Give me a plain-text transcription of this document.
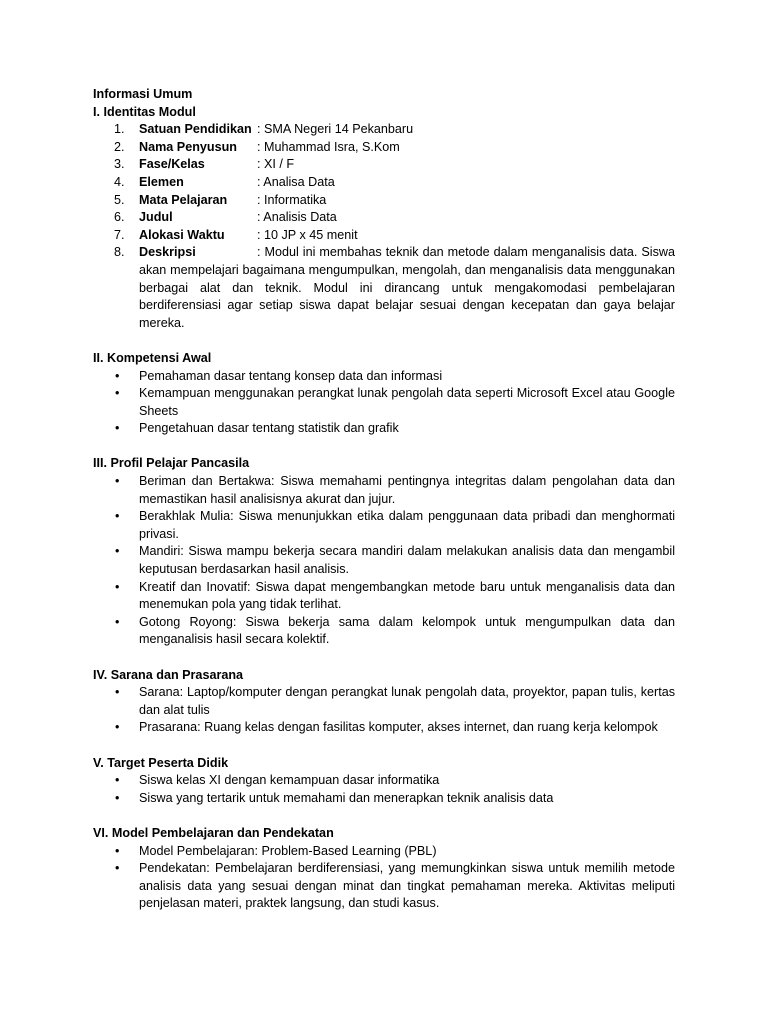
Informasi Umum
I. Identitas Modul
1.	Satuan Pendidikan : SMA Negeri 14 Pekanbaru
2.	Nama Penyusun	: Muhammad Isra, S.Kom
3.	Fase/Kelas	: XI / F
4.	Elemen	: Analisa Data
5.	Mata Pelajaran	: Informatika
6.	Judul	: Analisis Data
7.	Alokasi Waktu	: 10 JP x 45 menit
8.	Deskripsi	: Modul ini membahas teknik dan metode dalam menganalisis data. Siswa akan mempelajari bagaimana mengumpulkan, mengolah, dan menganalisis data menggunakan berbagai alat dan teknik. Modul ini dirancang untuk mengakomodasi pembelajaran berdiferensiasi agar setiap siswa dapat belajar sesuai dengan kecepatan dan gaya belajar mereka.
II. Kompetensi Awal
• Pemahaman dasar tentang konsep data dan informasi
• Kemampuan menggunakan perangkat lunak pengolah data seperti Microsoft Excel atau Google Sheets
• Pengetahuan dasar tentang statistik dan grafik
III. Profil Pelajar Pancasila
• Beriman dan Bertakwa: Siswa memahami pentingnya integritas dalam pengolahan data dan memastikan hasil analisisnya akurat dan jujur.
• Berakhlak Mulia: Siswa menunjukkan etika dalam penggunaan data pribadi dan menghormati privasi.
• Mandiri: Siswa mampu bekerja secara mandiri dalam melakukan analisis data dan mengambil keputusan berdasarkan hasil analisis.
• Kreatif dan Inovatif: Siswa dapat mengembangkan metode baru untuk menganalisis data dan menemukan pola yang tidak terlihat.
• Gotong Royong: Siswa bekerja sama dalam kelompok untuk mengumpulkan data dan menganalisis hasil secara kolektif.
IV. Sarana dan Prasarana
• Sarana: Laptop/komputer dengan perangkat lunak pengolah data, proyektor, papan tulis, kertas dan alat tulis
• Prasarana: Ruang kelas dengan fasilitas komputer, akses internet, dan ruang kerja kelompok
V. Target Peserta Didik
• Siswa kelas XI dengan kemampuan dasar informatika
• Siswa yang tertarik untuk memahami dan menerapkan teknik analisis data
VI. Model Pembelajaran dan Pendekatan
• Model Pembelajaran: Problem-Based Learning (PBL)
• Pendekatan: Pembelajaran berdiferensiasi, yang memungkinkan siswa untuk memilih metode analisis data yang sesuai dengan minat dan tingkat pemahaman mereka. Aktivitas meliputi penjelasan materi, praktek langsung, dan studi kasus.
